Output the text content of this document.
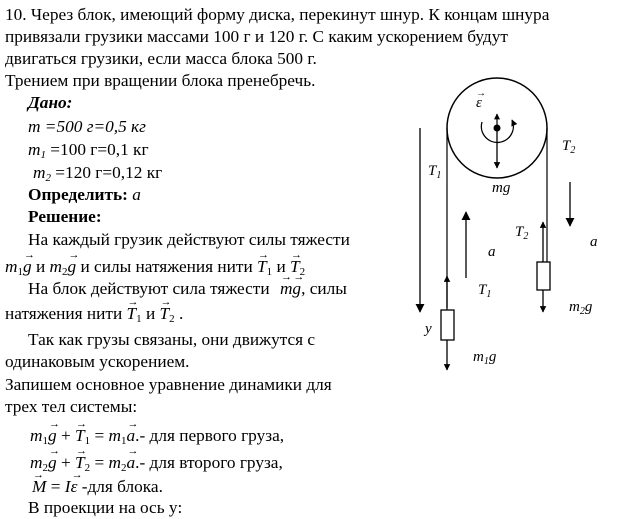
10. Через блок, имеющий форму диска, перекинут шнур. К концам шнура
привязали грузики массами 100 г и 120 г. С каким ускорением будут
двигаться грузики, если масса блока 500 г.
Трением при вращении блока пренебречь.
Дано:
m =500 г=0,5 кг
$m_1 =100$ г=0,1 кг
$m_2 =120$ г=0,12 кг
Определить: a
Решение:
На каждый грузик действуют силы тяжести
$m_1\to g$ и $m_2\to g$ и силы натяжения нити → $T_1$ $и \to T_2$
На блок действуют сила тяжести → m→ g, силы
натяжения нити → $T_1$ $и \to T_2$ .
Так как грузы связаны, они движутся с
одинаковым ускорением.
Запишем основное уравнение динамики для
трех тел системы:
$m_1\to g$ + → $T_1 = m_1\to a.-$ для первого груза,
$m_2\to g$ + → $T_2 = m_2\to a.-$ для второго груза,
→ M = I→ ε -для блока.
В проекции на ось y:
ε
→
$T_1$
$T_2$
mg
$T_2$
a
a
$T_1$
$m_2g$
y
$m_1g$
